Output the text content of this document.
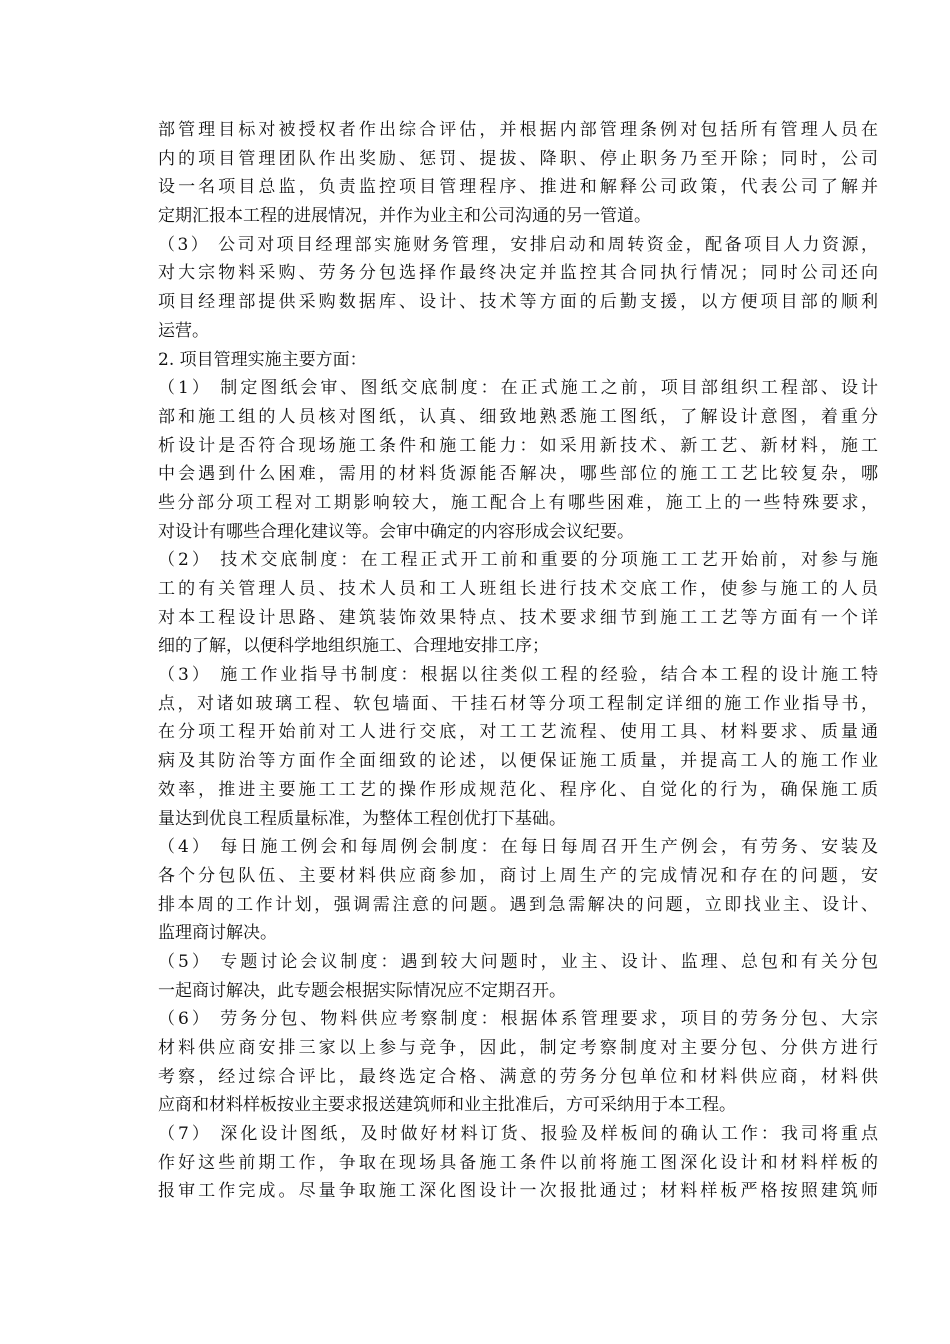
部管理目标对被授权者作出综合评估，并根据内部管理条例对包括所有管理人员在
内的项目管理团队作出奖励、惩罚、提拔、降职、停止职务乃至开除；同时，公司
设一名项目总监，负责监控项目管理程序、推进和解释公司政策，代表公司了解并
定期汇报本工程的进展情况，并作为业主和公司沟通的另一管道。
（3） 公司对项目经理部实施财务管理，安排启动和周转资金，配备项目人力资源，
对大宗物料采购、劳务分包选择作最终决定并监控其合同执行情况；同时公司还向
项目经理部提供采购数据库、设计、技术等方面的后勤支援，以方便项目部的顺利
运营。
2. 项目管理实施主要方面：
（1） 制定图纸会审、图纸交底制度：在正式施工之前，项目部组织工程部、设计
部和施工组的人员核对图纸，认真、细致地熟悉施工图纸，了解设计意图，着重分
析设计是否符合现场施工条件和施工能力：如采用新技术、新工艺、新材料，施工
中会遇到什么困难，需用的材料货源能否解决，哪些部位的施工工艺比较复杂，哪
些分部分项工程对工期影响较大，施工配合上有哪些困难，施工上的一些特殊要求，
对设计有哪些合理化建议等。会审中确定的内容形成会议纪要。
（2） 技术交底制度：在工程正式开工前和重要的分项施工工艺开始前，对参与施
工的有关管理人员、技术人员和工人班组长进行技术交底工作，使参与施工的人员
对本工程设计思路、建筑装饰效果特点、技术要求细节到施工工艺等方面有一个详
细的了解，以便科学地组织施工、合理地安排工序；
（3） 施工作业指导书制度：根据以往类似工程的经验，结合本工程的设计施工特
点，对诸如玻璃工程、软包墙面、干挂石材等分项工程制定详细的施工作业指导书，
在分项工程开始前对工人进行交底，对工工艺流程、使用工具、材料要求、质量通
病及其防治等方面作全面细致的论述，以便保证施工质量，并提高工人的施工作业
效率，推进主要施工工艺的操作形成规范化、程序化、自觉化的行为，确保施工质
量达到优良工程质量标准，为整体工程创优打下基础。
（4） 每日施工例会和每周例会制度：在每日每周召开生产例会，有劳务、安装及
各个分包队伍、主要材料供应商参加，商讨上周生产的完成情况和存在的问题，安
排本周的工作计划，强调需注意的问题。遇到急需解决的问题，立即找业主、设计、
监理商讨解决。
（5） 专题讨论会议制度：遇到较大问题时，业主、设计、监理、总包和有关分包
一起商讨解决，此专题会根据实际情况应不定期召开。
（6） 劳务分包、物料供应考察制度：根据体系管理要求，项目的劳务分包、大宗
材料供应商安排三家以上参与竞争，因此，制定考察制度对主要分包、分供方进行
考察，经过综合评比，最终选定合格、满意的劳务分包单位和材料供应商，材料供
应商和材料样板按业主要求报送建筑师和业主批准后，方可采纳用于本工程。
（7） 深化设计图纸，及时做好材料订货、报验及样板间的确认工作：我司将重点
作好这些前期工作，争取在现场具备施工条件以前将施工图深化设计和材料样板的
报审工作完成。尽量争取施工深化图设计一次报批通过；材料样板严格按照建筑师
